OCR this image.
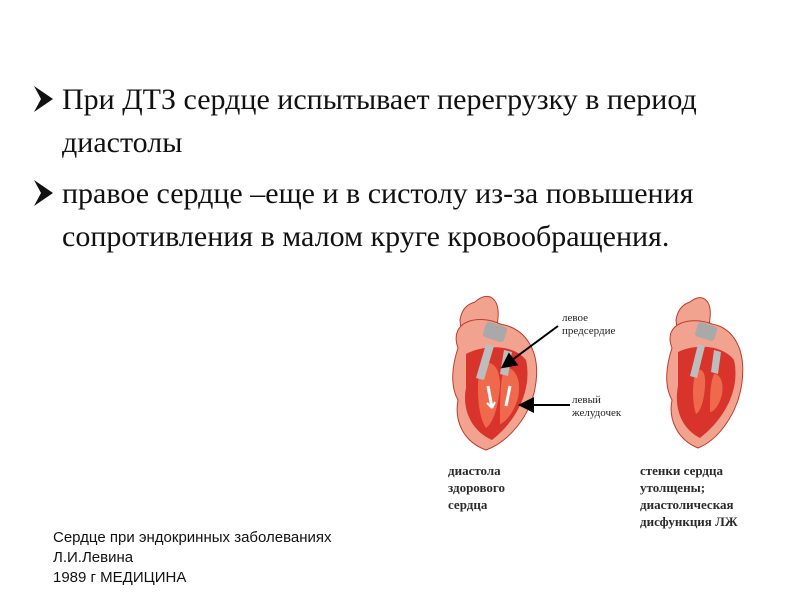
При ДТЗ сердце испытывает перегрузку в период диастолы
правое сердце –еще и в систолу из-за повышения сопротивления в малом круге кровообращения.
левое
предсердие
левый
желудочек
диастола
здорового
сердца
стенки сердца
утолщены;
диастолическая
дисфункция ЛЖ
Сердце при эндокринных заболеваниях
Л.И.Левина
1989 г МЕДИЦИНА
